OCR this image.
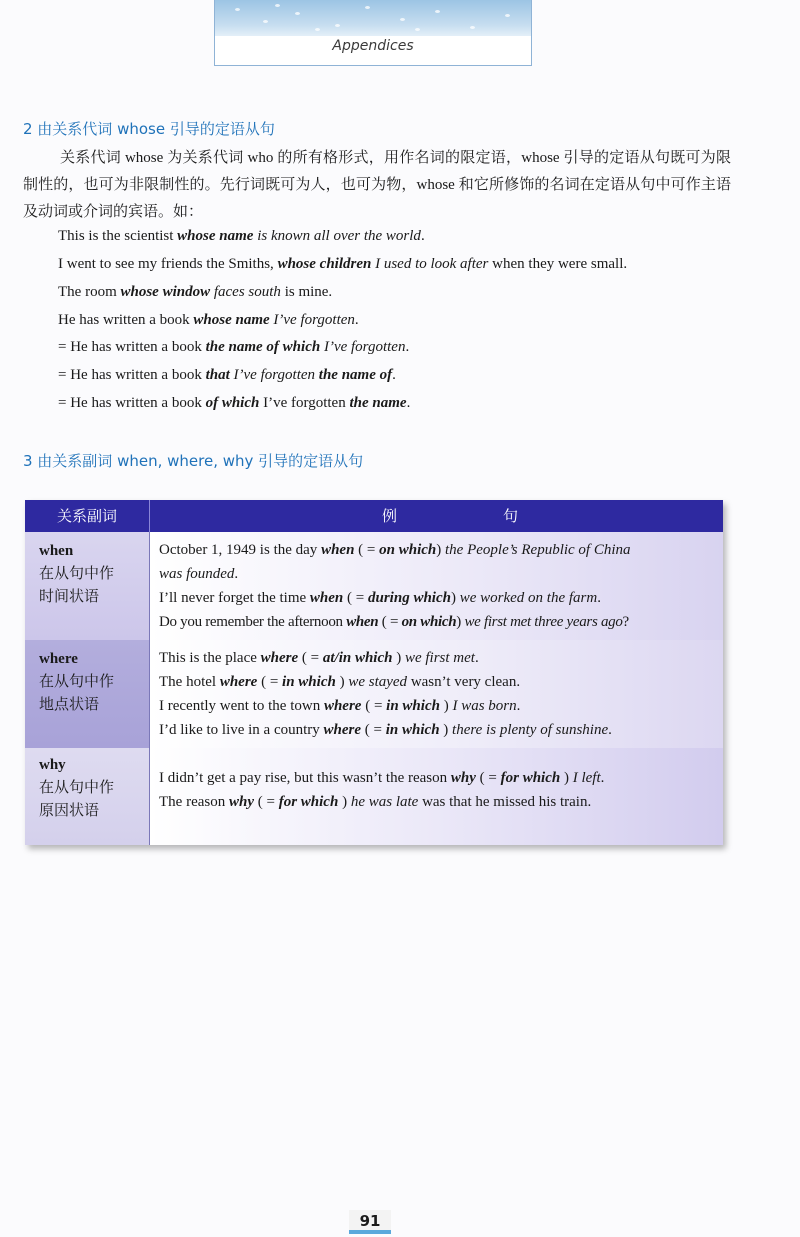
Appendices
2 由关系代词 whose 引导的定语从句
关系代词 whose 为关系代词 who 的所有格形式，用作名词的限定语，whose 引导的定语从句既可为限制性的，也可为非限制性的。先行词既可为人，也可为物，whose 和它所修饰的名词在定语从句中可作主语及动词或介词的宾语。如：
This is the scientist whose name is known all over the world.
I went to see my friends the Smiths, whose children I used to look after when they were small.
The room whose window faces south is mine.
He has written a book whose name I’ve forgotten.
= He has written a book the name of which I’ve forgotten.
= He has written a book that I’ve forgotten the name of.
= He has written a book of which I’ve forgotten the name.
3 由关系副词 when, where, why 引导的定语从句
关系副词	例	句
when
在从句中作
时间状语
October 1, 1949 is the day when ( = on which) the People’s Republic of China
was founded.
I’ll never forget the time when ( = during which) we worked on the farm.
Do you remember the afternoon when ( = on which) we first met three years ago?
where
在从句中作
地点状语
This is the place where ( = at/in which ) we first met.
The hotel where ( = in which ) we stayed wasn’t very clean.
I recently went to the town where ( = in which ) I was born.
I’d like to live in a country where ( = in which ) there is plenty of sunshine.
why
在从句中作
原因状语
I didn’t get a pay rise, but this wasn’t the reason why ( = for which ) I left.
The reason why ( = for which ) he was late was that he missed his train.
91
